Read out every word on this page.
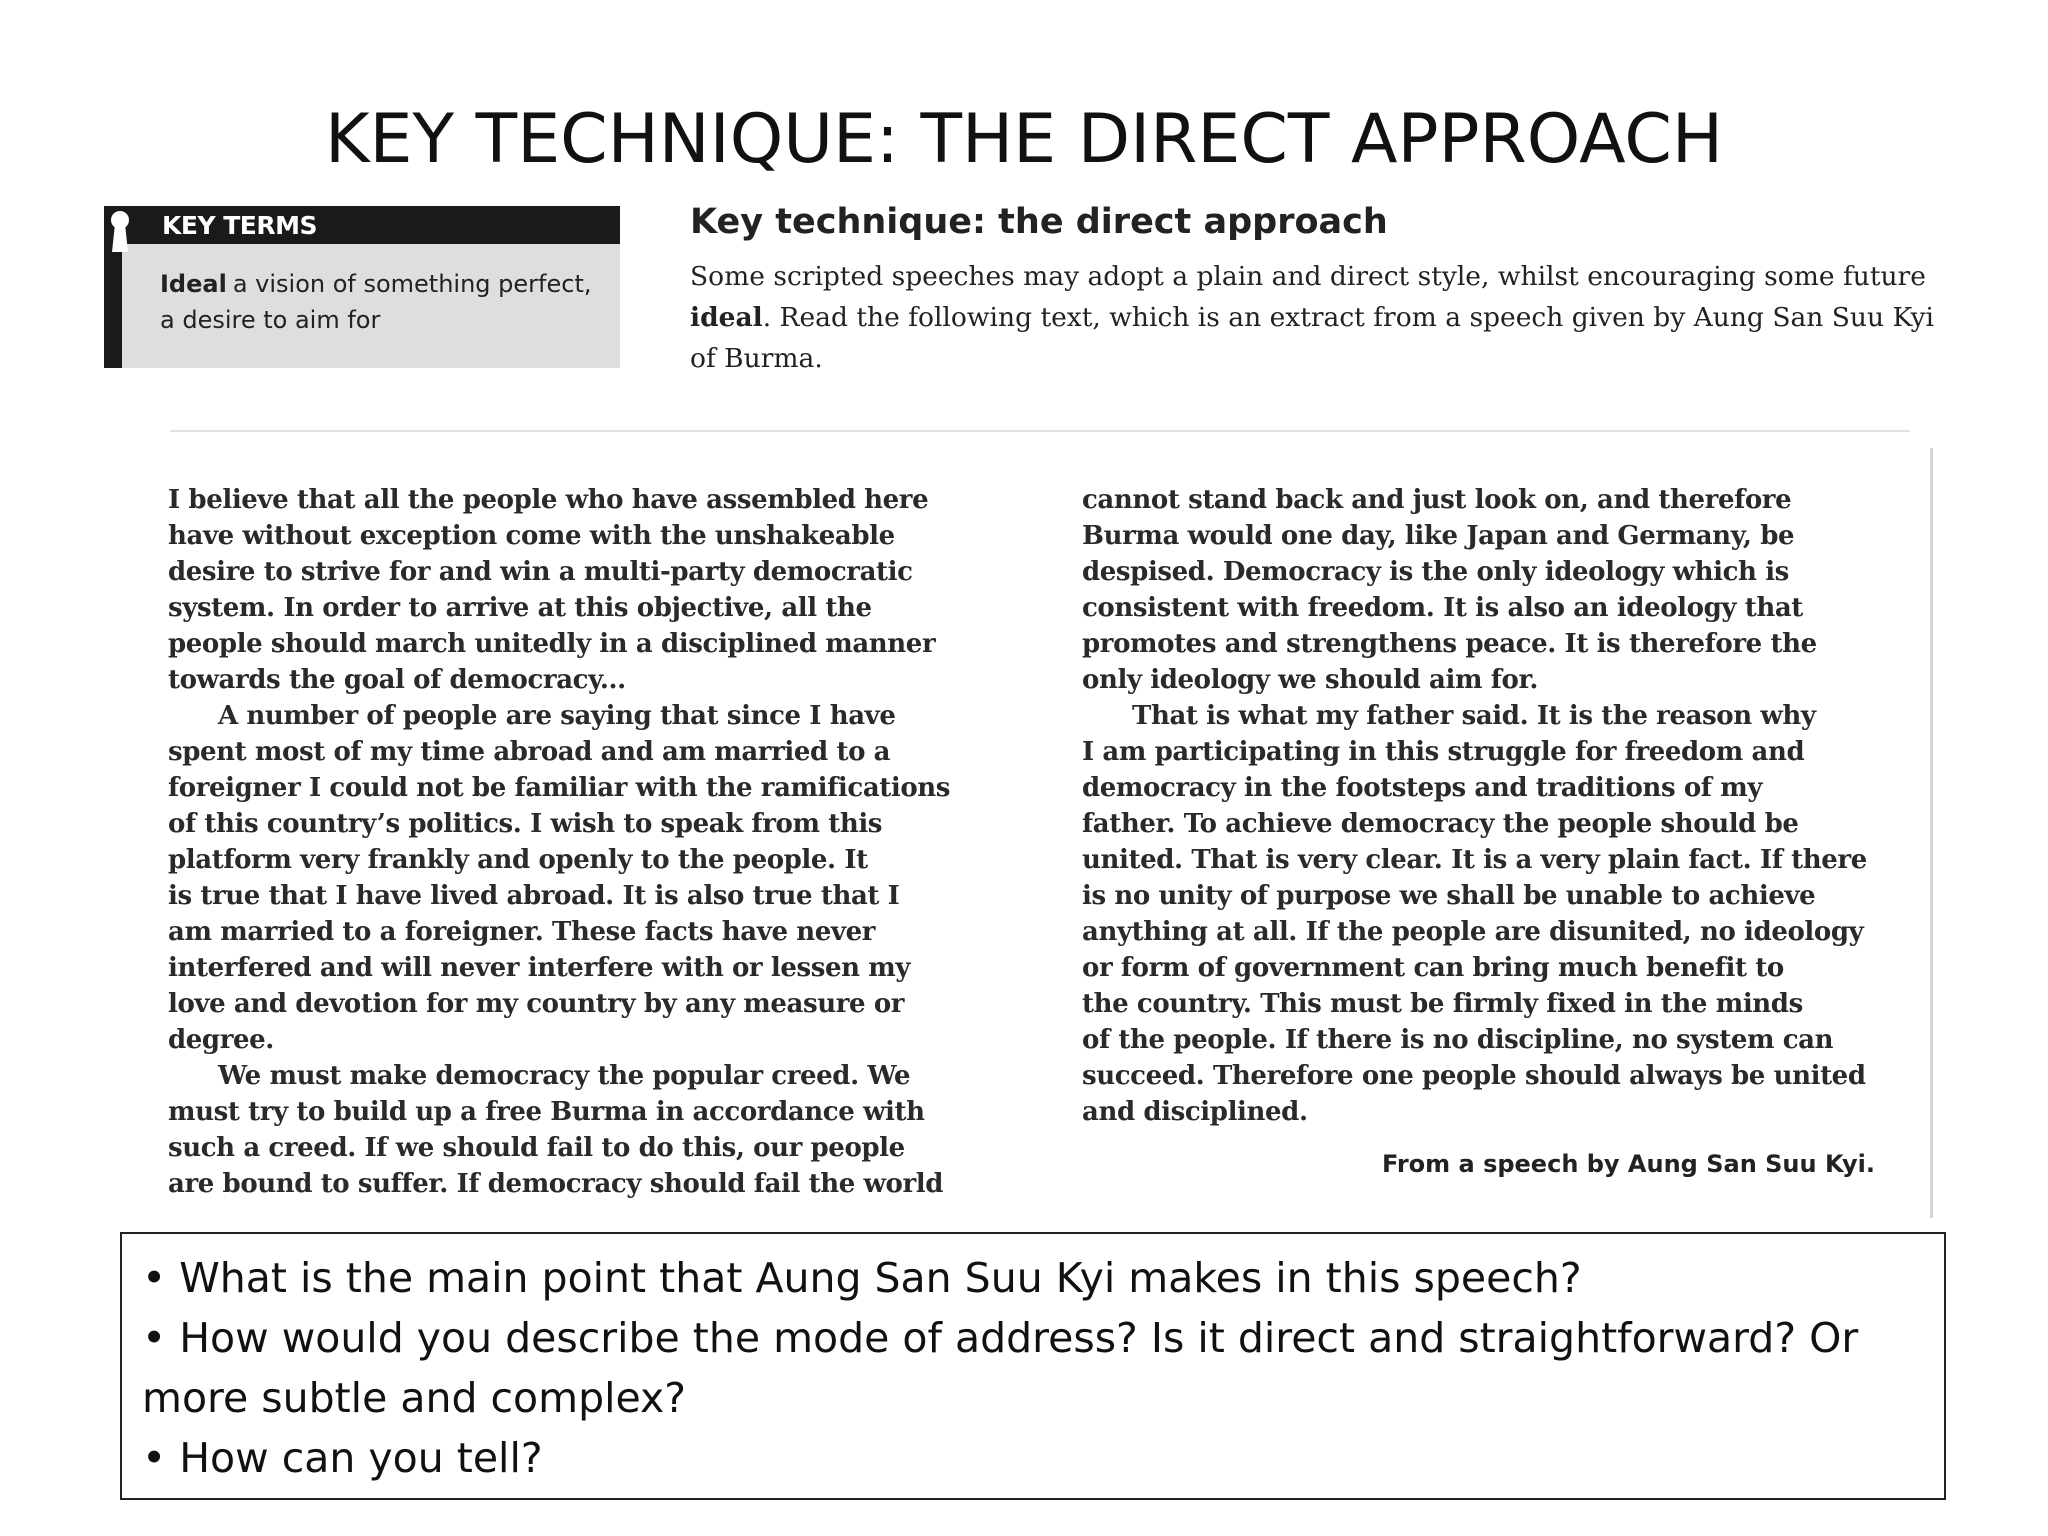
KEY TECHNIQUE: THE DIRECT APPROACH
KEY TERMS
Ideal a vision of something perfect, a desire to aim for
Key technique: the direct approach
Some scripted speeches may adopt a plain and direct style, whilst encouraging some future ideal. Read the following text, which is an extract from a speech given by Aung San Suu Kyi of Burma.

I believe that all the people who have assembled here
have without exception come with the unshakeable
desire to strive for and win a multi-party democratic
system. In order to arrive at this objective, all the
people should march unitedly in a disciplined manner
towards the goal of democracy...

A number of people are saying that since I have
spent most of my time abroad and am married to a
foreigner I could not be familiar with the ramifications
of this country’s politics. I wish to speak from this
platform very frankly and openly to the people. It
is true that I have lived abroad. It is also true that I
am married to a foreigner. These facts have never
interfered and will never interfere with or lessen my
love and devotion for my country by any measure or
degree.

We must make democracy the popular creed. We
must try to build up a free Burma in accordance with
such a creed. If we should fail to do this, our people
are bound to suffer. If democracy should fail the world

cannot stand back and just look on, and therefore
Burma would one day, like Japan and Germany, be
despised. Democracy is the only ideology which is
consistent with freedom. It is also an ideology that
promotes and strengthens peace. It is therefore the
only ideology we should aim for.

That is what my father said. It is the reason why
I am participating in this struggle for freedom and
democracy in the footsteps and traditions of my
father. To achieve democracy the people should be
united. That is very clear. It is a very plain fact. If there
is no unity of purpose we shall be unable to achieve
anything at all. If the people are disunited, no ideology
or form of government can bring much benefit to
the country. This must be firmly fixed in the minds
of the people. If there is no discipline, no system can
succeed. Therefore one people should always be united
and disciplined.

From a speech by Aung San Suu Kyi.
• What is the main point that Aung San Suu Kyi makes in this speech?
• How would you describe the mode of address? Is it direct and straightforward? Or more subtle and complex?
• How can you tell?
